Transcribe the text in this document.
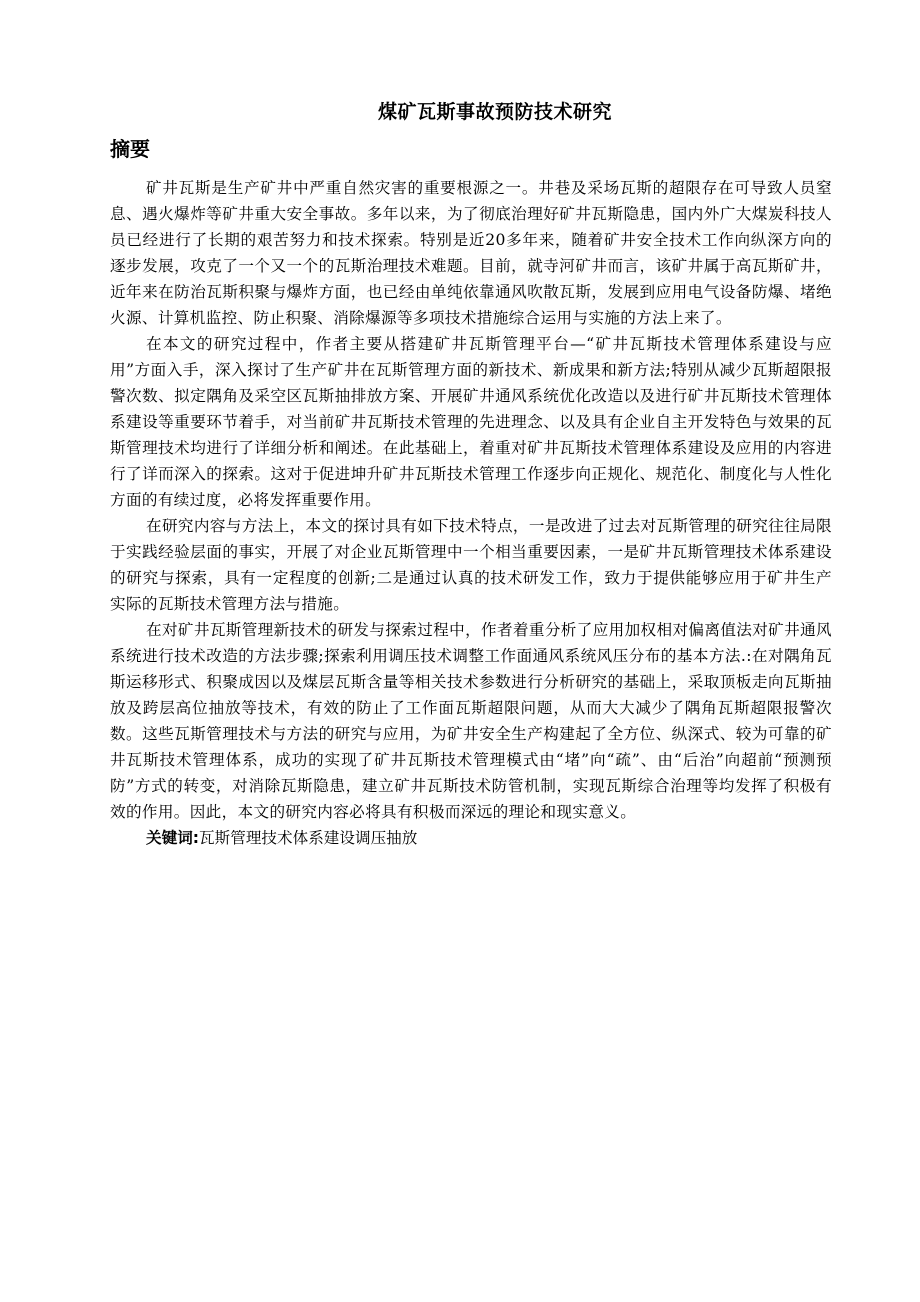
煤矿瓦斯事故预防技术研究
摘要

矿井瓦斯是生产矿井中严重自然灾害的重要根源之一。井巷及采场瓦斯的超限存在可导致人员窒息、遇火爆炸等矿井重大安全事故。多年以来，为了彻底治理好矿井瓦斯隐患，国内外广大煤炭科技人员已经进行了长期的艰苦努力和技术探索。特别是近20多年来，随着矿井安全技术工作向纵深方向的逐步发展，攻克了一个又一个的瓦斯治理技术难题。目前，就寺河矿井而言，该矿井属于高瓦斯矿井，近年来在防治瓦斯积聚与爆炸方面，也已经由单纯依靠通风吹散瓦斯，发展到应用电气设备防爆、堵绝火源、计算机监控、防止积聚、消除爆源等多项技术措施综合运用与实施的方法上来了。

在本文的研究过程中，作者主要从搭建矿井瓦斯管理平台—“矿井瓦斯技术管理体系建设与应用”方面入手，深入探讨了生产矿井在瓦斯管理方面的新技术、新成果和新方法;特别从减少瓦斯超限报警次数、拟定隅角及采空区瓦斯抽排放方案、开展矿井通风系统优化改造以及进行矿井瓦斯技术管理体系建设等重要环节着手，对当前矿井瓦斯技术管理的先进理念、以及具有企业自主开发特色与效果的瓦斯管理技术均进行了详细分析和阐述。在此基础上，着重对矿井瓦斯技术管理体系建设及应用的内容进行了详而深入的探索。这对于促进坤升矿井瓦斯技术管理工作逐步向正规化、规范化、制度化与人性化方面的有续过度，必将发挥重要作用。

在研究内容与方法上，本文的探讨具有如下技术特点，一是改进了过去对瓦斯管理的研究往往局限于实践经验层面的事实，开展了对企业瓦斯管理中一个相当重要因素，一是矿井瓦斯管理技术体系建设的研究与探索，具有一定程度的创新;二是通过认真的技术研发工作，致力于提供能够应用于矿井生产实际的瓦斯技术管理方法与措施。

在对矿井瓦斯管理新技术的研发与探索过程中，作者着重分析了应用加权相对偏离值法对矿井通风系统进行技术改造的方法步骤;探索利用调压技术调整工作面通风系统风压分布的基本方法.:在对隅角瓦斯运移形式、积聚成因以及煤层瓦斯含量等相关技术参数进行分析研究的基础上，采取顶板走向瓦斯抽放及跨层高位抽放等技术，有效的防止了工作面瓦斯超限问题，从而大大减少了隅角瓦斯超限报警次数。这些瓦斯管理技术与方法的研究与应用，为矿井安全生产构建起了全方位、纵深式、较为可靠的矿井瓦斯技术管理体系，成功的实现了矿井瓦斯技术管理模式由“堵”向“疏”、由“后治”向超前“预测预防”方式的转变，对消除瓦斯隐患，建立矿井瓦斯技术防管机制，实现瓦斯综合治理等均发挥了积极有效的作用。因此，本文的研究内容必将具有积极而深远的理论和现实意义。

关键词:瓦斯管理技术体系建设调压抽放
